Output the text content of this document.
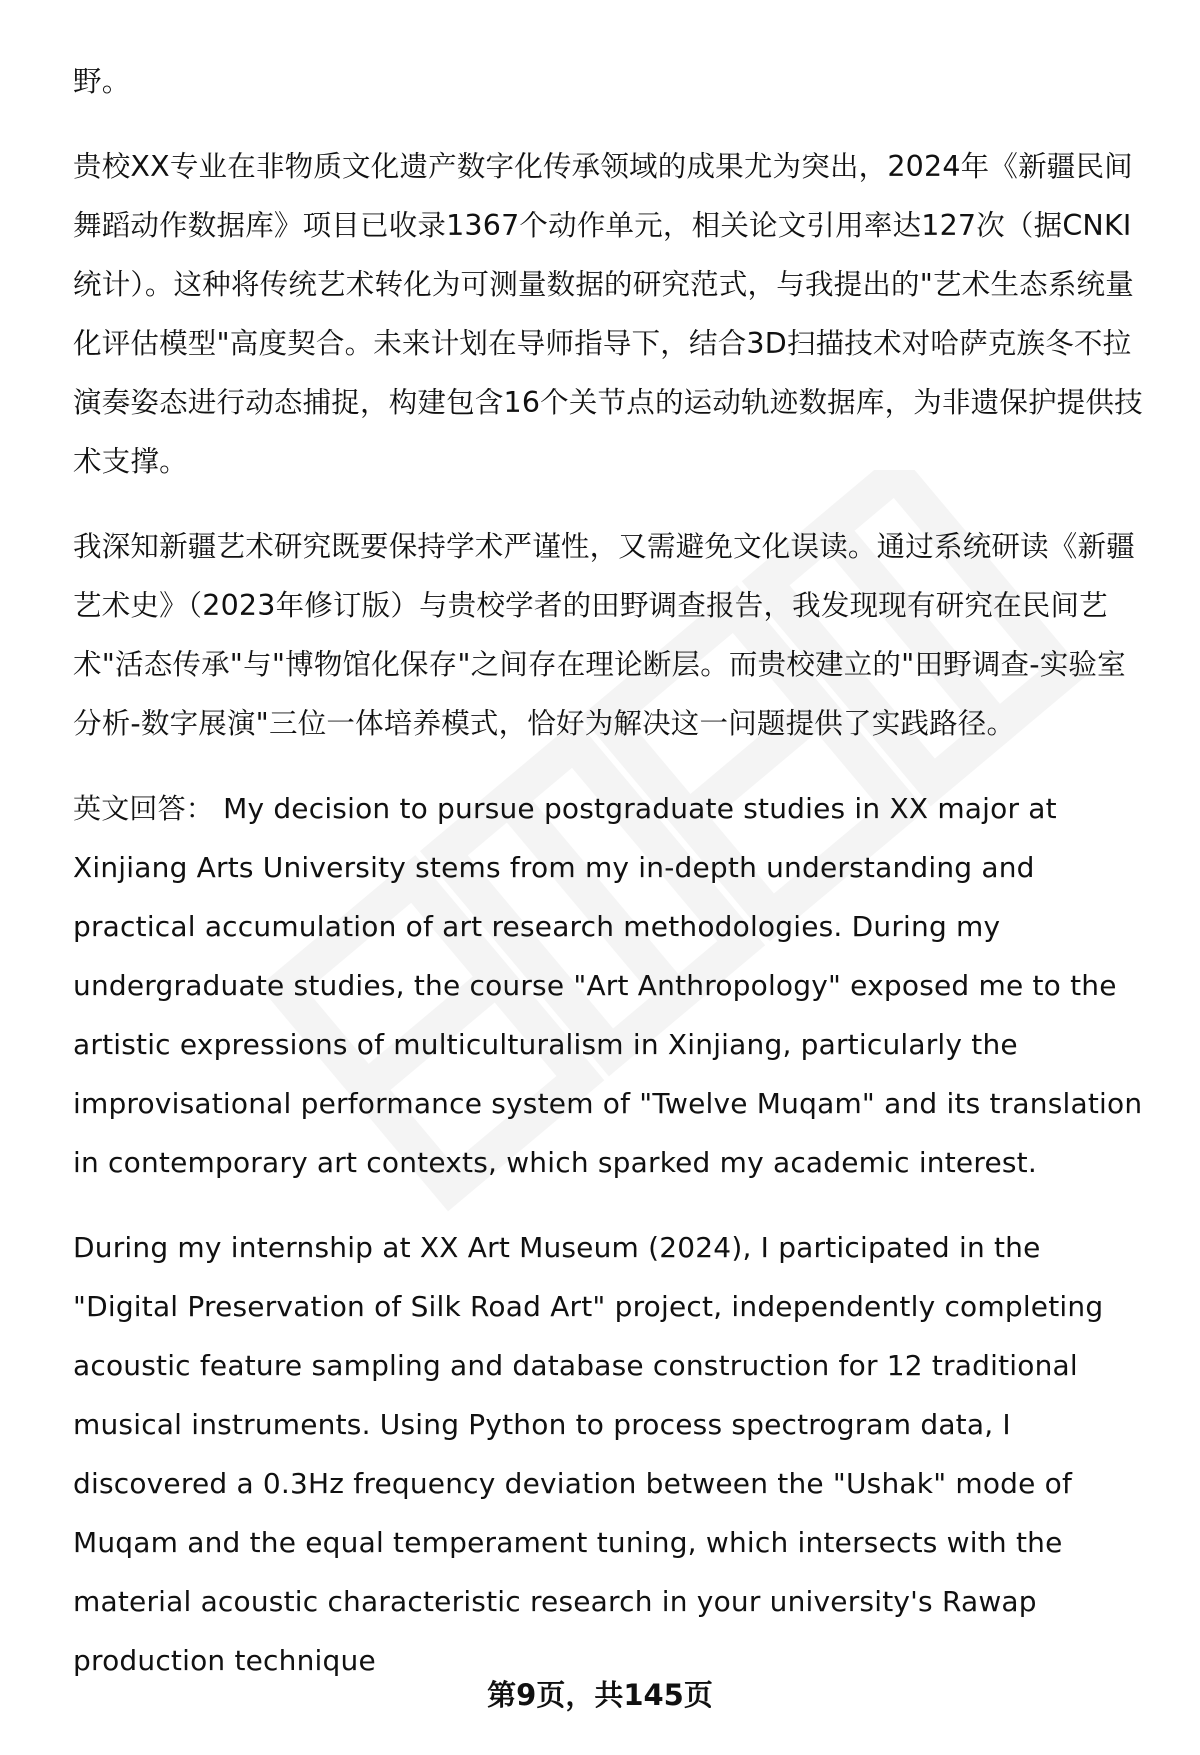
野。

贵校XX专业在非物质文化遗产数字化传承领域的成果尤为突出，2024年《新疆民间舞蹈动作数据库》项目已收录1367个动作单元，相关论文引用率达127次（据CNKI统计）。这种将传统艺术转化为可测量数据的研究范式，与我提出的"艺术生态系统量化评估模型"高度契合。未来计划在导师指导下，结合3D扫描技术对哈萨克族冬不拉演奏姿态进行动态捕捉，构建包含16个关节点的运动轨迹数据库，为非遗保护提供技术支撑。

我深知新疆艺术研究既要保持学术严谨性，又需避免文化误读。通过系统研读《新疆艺术史》（2023年修订版）与贵校学者的田野调查报告，我发现现有研究在民间艺术"活态传承"与"博物馆化保存"之间存在理论断层。而贵校建立的"田野调查-实验室分析-数字展演"三位一体培养模式，恰好为解决这一问题提供了实践路径。

英文回答： My decision to pursue postgraduate studies in XX major at Xinjiang Arts University stems from my in-depth understanding and practical accumulation of art research methodologies. During my undergraduate studies, the course "Art Anthropology" exposed me to the artistic expressions of multiculturalism in Xinjiang, particularly the improvisational performance system of "Twelve Muqam" and its translation in contemporary art contexts, which sparked my academic interest.

During my internship at XX Art Museum (2024), I participated in the "Digital Preservation of Silk Road Art" project, independently completing acoustic feature sampling and database construction for 12 traditional musical instruments. Using Python to process spectrogram data, I discovered a 0.3Hz frequency deviation between the "Ushak" mode of Muqam and the equal temperament tuning, which intersects with the material acoustic characteristic research in your university's Rawap production technique

第9页，共145页
